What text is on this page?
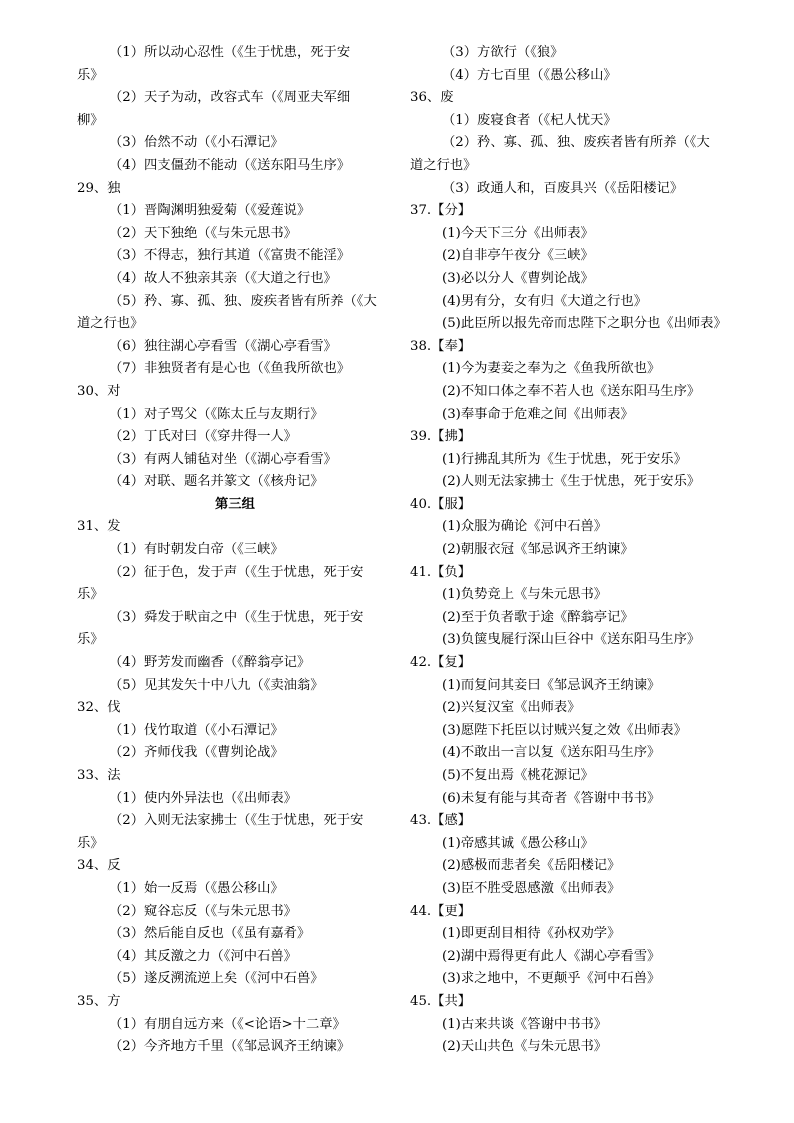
（1）所以动心忍性（《生于忧患，死于安
乐》
（2）天子为动，改容式车（《周亚夫军细
柳》
（3）佁然不动（《小石潭记》
（4）四支僵劲不能动（《送东阳马生序》
29、独
（1）晋陶渊明独爱菊（《爱莲说》
（2）天下独绝（《与朱元思书》
（3）不得志，独行其道（《富贵不能淫》
（4）故人不独亲其亲（《大道之行也》
（5）矜、寡、孤、独、废疾者皆有所养（《大
道之行也》
（6）独往湖心亭看雪（《湖心亭看雪》
（7）非独贤者有是心也（《鱼我所欲也》
30、对
（1）对子骂父（《陈太丘与友期行》
（2）丁氏对曰（《穿井得一人》
（3）有两人铺毡对坐（《湖心亭看雪》
（4）对联、题名并篆文（《核舟记》
第三组
31、发
（1）有时朝发白帝（《三峡》
（2）征于色，发于声（《生于忧患，死于安
乐》
（3）舜发于畎亩之中（《生于忧患，死于安
乐》
（4）野芳发而幽香（《醉翁亭记》
（5）见其发矢十中八九（《卖油翁》
32、伐
（1）伐竹取道（《小石潭记》
（2）齐师伐我（《曹刿论战》
33、法
（1）使内外异法也（《出师表》
（2）入则无法家拂士（《生于忧患，死于安
乐》
34、反
（1）始一反焉（《愚公移山》
（2）窥谷忘反（《与朱元思书》
（3）然后能自反也（《虽有嘉肴》
（4）其反激之力（《河中石兽》
（5）遂反溯流逆上矣（《河中石兽》
35、方
（1）有朋自远方来（《<论语>十二章》
（2）今齐地方千里（《邹忌讽齐王纳谏》
（3）方欲行（《狼》
（4）方七百里（《愚公移山》
36、废
（1）废寝食者（《杞人忧天》
（2）矜、寡、孤、独、废疾者皆有所养（《大
道之行也》
（3）政通人和，百废具兴（《岳阳楼记》
37.【分】
(1)今天下三分《出师表》
(2)自非亭午夜分《三峡》
(3)必以分人《曹刿论战》
(4)男有分，女有归《大道之行也》
(5)此臣所以报先帝而忠陛下之职分也《出师表》
38.【奉】
(1)今为妻妾之奉为之《鱼我所欲也》
(2)不知口体之奉不若人也《送东阳马生序》
(3)奉事命于危难之间《出师表》
39.【拂】
(1)行拂乱其所为《生于忧患，死于安乐》
(2)人则无法家拂士《生于忧患，死于安乐》
40.【服】
(1)众服为确论《河中石兽》
(2)朝服衣冠《邹忌讽齐王纳谏》
41.【负】
(1)负势竞上《与朱元思书》
(2)至于负者歌于途《醉翁亭记》
(3)负箧曳屣行深山巨谷中《送东阳马生序》
42.【复】
(1)而复问其妾曰《邹忌讽齐王纳谏》
(2)兴复汉室《出师表》
(3)愿陛下托臣以讨贼兴复之效《出师表》
(4)不敢出一言以复《送东阳马生序》
(5)不复出焉《桃花源记》
(6)未复有能与其奇者《答谢中书书》
43.【感】
(1)帝感其诚《愚公移山》
(2)感极而悲者矣《岳阳楼记》
(3)臣不胜受恩感激《出师表》
44.【更】
(1)即更刮目相待《孙权劝学》
(2)湖中焉得更有此人《湖心亭看雪》
(3)求之地中，不更颠乎《河中石兽》
45.【共】
(1)古来共谈《答谢中书书》
(2)天山共色《与朱元思书》
